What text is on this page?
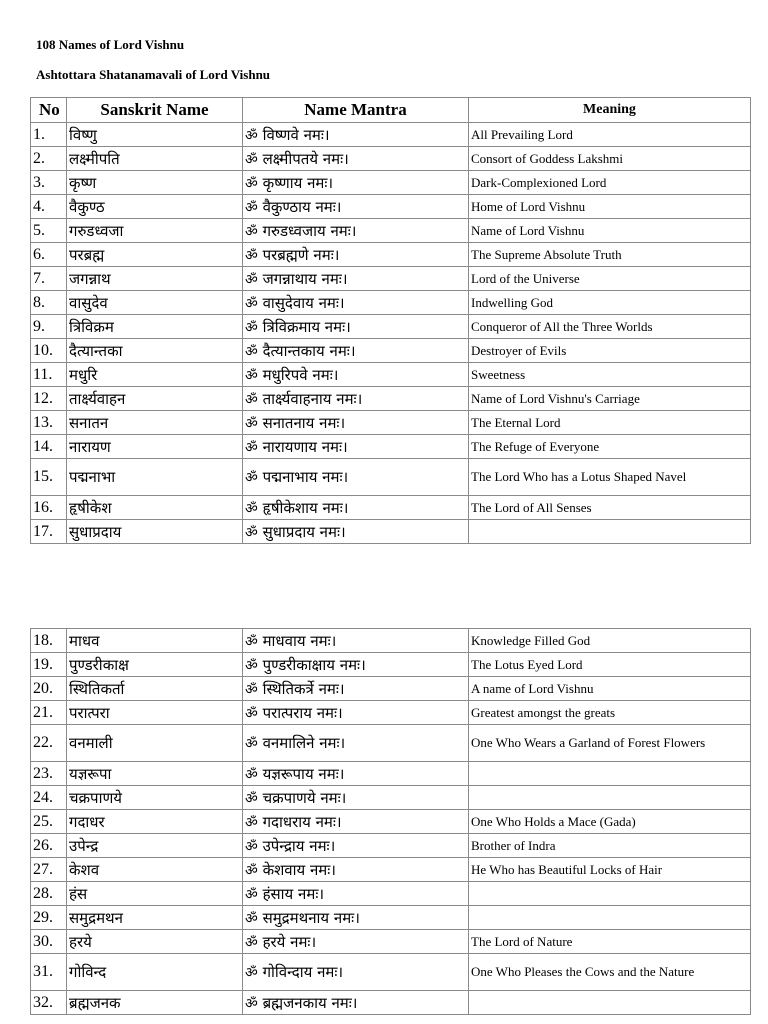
108 Names of Lord Vishnu
Ashtottara Shatanamavali of Lord Vishnu
No	Sanskrit Name	Name Mantra	Meaning
1.	विष्णु	ॐ विष्णवे नमः।	All Prevailing Lord
2.	लक्ष्मीपति	ॐ लक्ष्मीपतये नमः।	Consort of Goddess Lakshmi
3.	कृष्ण	ॐ कृष्णाय नमः।	Dark-Complexioned Lord
4.	वैकुण्ठ	ॐ वैकुण्ठाय नमः।	Home of Lord Vishnu
5.	गरुडध्वजा	ॐ गरुडध्वजाय नमः।	Name of Lord Vishnu
6.	परब्रह्म	ॐ परब्रह्मणे नमः।	The Supreme Absolute Truth
7.	जगन्नाथ	ॐ जगन्नाथाय नमः।	Lord of the Universe
8.	वासुदेव	ॐ वासुदेवाय नमः।	Indwelling God
9.	त्रिविक्रम	ॐ त्रिविक्रमाय नमः।	Conqueror of All the Three Worlds
10.	दैत्यान्तका	ॐ दैत्यान्तकाय नमः।	Destroyer of Evils
11.	मधुरि	ॐ मधुरिपवे नमः।	Sweetness
12.	तार्क्ष्यवाहन	ॐ तार्क्ष्यवाहनाय नमः।	Name of Lord Vishnu's Carriage
13.	सनातन	ॐ सनातनाय नमः।	The Eternal Lord
14.	नारायण	ॐ नारायणाय नमः।	The Refuge of Everyone
15.	पद्मनाभा	ॐ पद्मनाभाय नमः।	The Lord Who has a Lotus Shaped Navel
16.	हृषीकेश	ॐ हृषीकेशाय नमः।	The Lord of All Senses
17.	सुधाप्रदाय	ॐ सुधाप्रदाय नमः।	
18.	माधव	ॐ माधवाय नमः।	Knowledge Filled God
19.	पुण्डरीकाक्ष	ॐ पुण्डरीकाक्षाय नमः।	The Lotus Eyed Lord
20.	स्थितिकर्ता	ॐ स्थितिकर्त्रे नमः।	A name of Lord Vishnu
21.	परात्परा	ॐ परात्पराय नमः।	Greatest amongst the greats
22.	वनमाली	ॐ वनमालिने नमः।	One Who Wears a Garland of Forest Flowers
23.	यज्ञरूपा	ॐ यज्ञरूपाय नमः।	
24.	चक्रपाणये	ॐ चक्रपाणये नमः।	
25.	गदाधर	ॐ गदाधराय नमः।	One Who Holds a Mace (Gada)
26.	उपेन्द्र	ॐ उपेन्द्राय नमः।	Brother of Indra
27.	केशव	ॐ केशवाय नमः।	He Who has Beautiful Locks of Hair
28.	हंस	ॐ हंसाय नमः।	
29.	समुद्रमथन	ॐ समुद्रमथनाय नमः।	
30.	हरये	ॐ हरये नमः।	The Lord of Nature
31.	गोविन्द	ॐ गोविन्दाय नमः।	One Who Pleases the Cows and the Nature
32.	ब्रह्मजनक	ॐ ब्रह्मजनकाय नमः।	
